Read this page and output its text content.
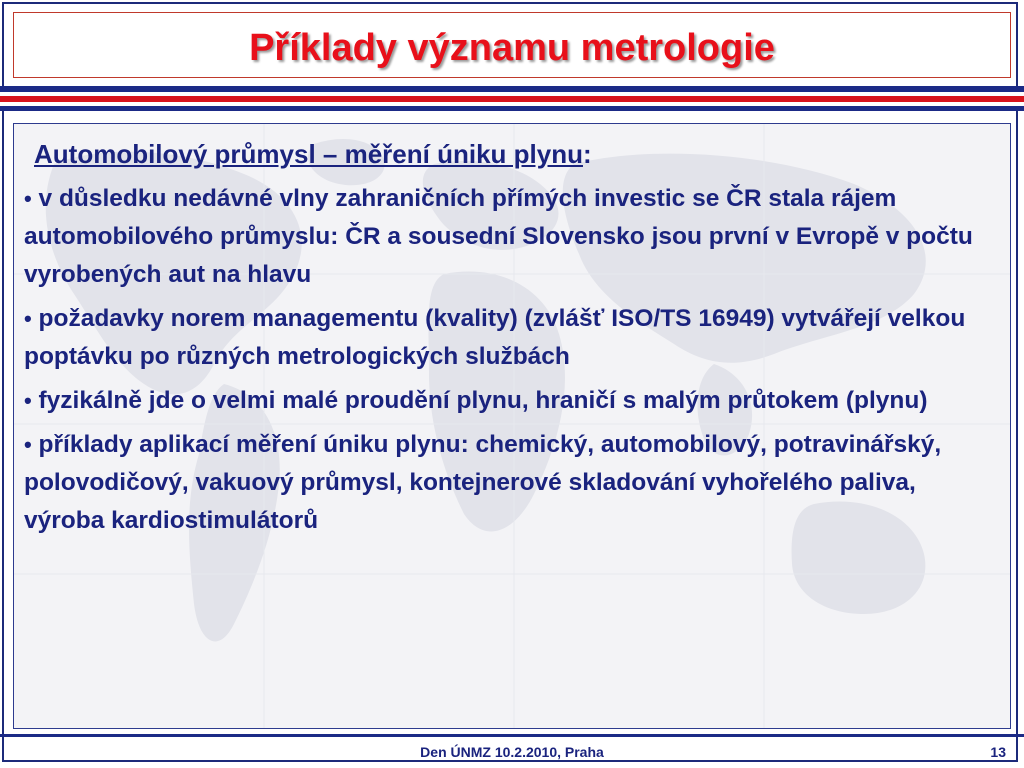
Příklady významu metrologie
Automobilový průmysl – měření úniku plynu:
• v důsledku nedávné vlny zahraničních přímých investic se ČR stala rájem automobilového průmyslu: ČR a sousední Slovensko jsou první v Evropě v počtu vyrobených aut na hlavu
• požadavky norem managementu (kvality) (zvlášť ISO/TS 16949) vytvářejí velkou poptávku po různých metrologických službách
• fyzikálně jde o velmi malé proudění plynu, hraničí s malým průtokem (plynu)
• příklady aplikací měření úniku plynu: chemický, automobilový, potravinářský, polovodičový, vakuový průmysl, kontejnerové skladování vyhořelého paliva, výroba kardiostimulátorů
Den ÚNMZ 10.2.2010, Praha	13
